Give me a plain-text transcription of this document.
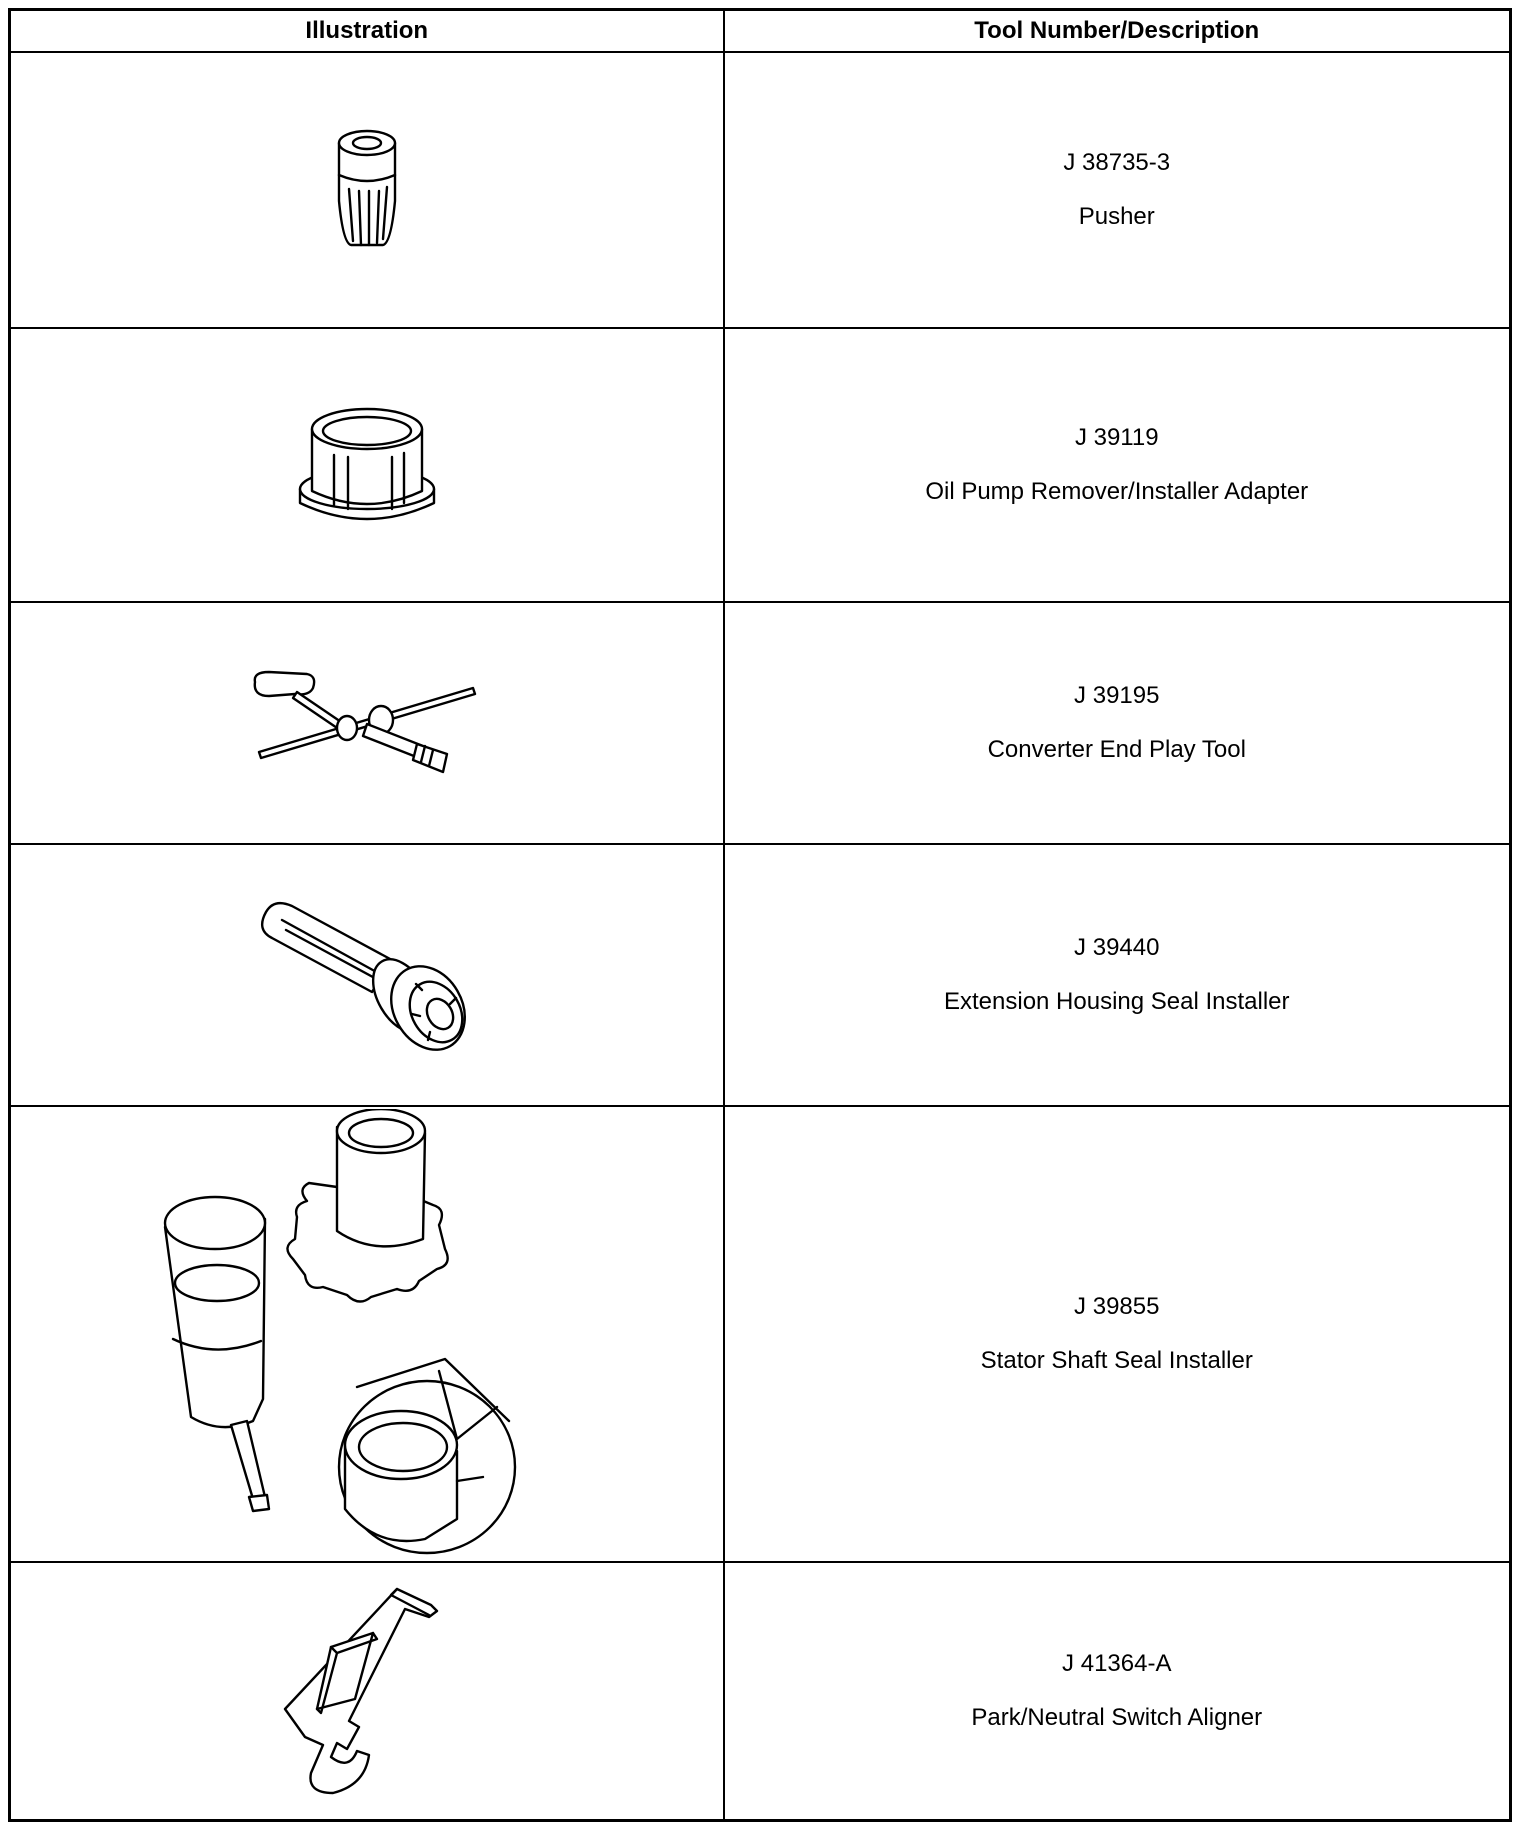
Illustration	Tool Number/Description

J 38735-3
Pusher

J 39119
Oil Pump Remover/Installer Adapter

J 39195
Converter End Play Tool

J 39440
Extension Housing Seal Installer

J 39855
Stator Shaft Seal Installer

J 41364-A
Park/Neutral Switch Aligner
